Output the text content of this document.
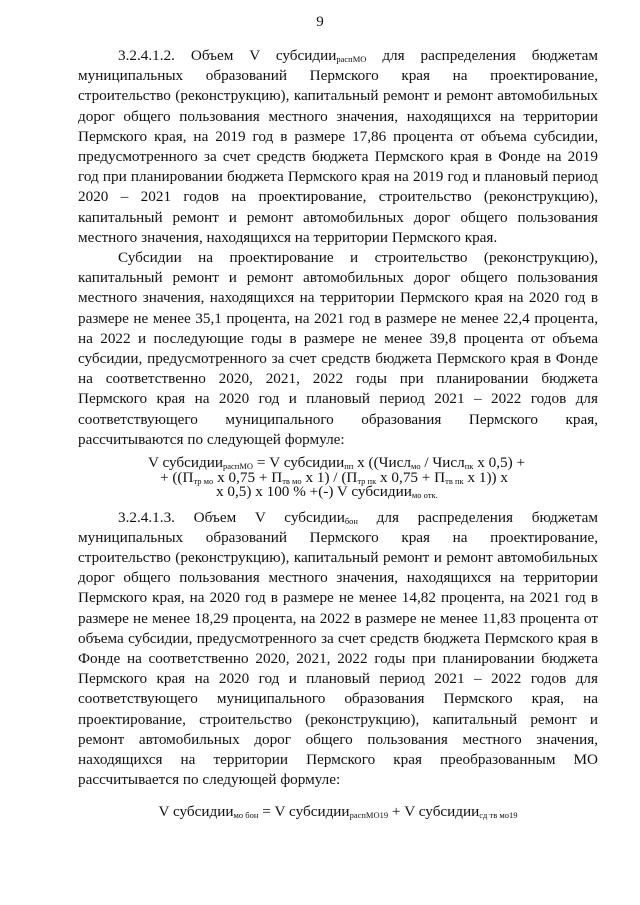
9

3.2.4.1.2. Объем V субсидии$_{распМО}$ для распределения бюджетам муниципальных образований Пермского края на проектирование, строительство (реконструкцию), капитальный ремонт и ремонт автомобильных дорог общего пользования местного значения, находящихся на территории Пермского края, на 2019 год в размере 17,86 процента от объема субсидии, предусмотренного за счет средств бюджета Пермского края в Фонде на 2019 год при планировании бюджета Пермского края на 2019 год и плановый период 2020 – 2021 годов на проектирование, строительство (реконструкцию), капитальный ремонт и ремонт автомобильных дорог общего пользования местного значения, находящихся на территории Пермского края.

Субсидии на проектирование и строительство (реконструкцию), капитальный ремонт и ремонт автомобильных дорог общего пользования местного значения, находящихся на территории Пермского края на 2020 год в размере не менее 35,1 процента, на 2021 год в размере не менее 22,4 процента, на 2022 и последующие годы в размере не менее 39,8 процента от объема субсидии, предусмотренного за счет средств бюджета Пермского края в Фонде на соответственно 2020, 2021, 2022 годы при планировании бюджета Пермского края на 2020 год и плановый период 2021 – 2022 годов для соответствующего муниципального образования Пермского края, рассчитываются по следующей формуле:

V субсидии$_{распМО}$ = V субсидии$_{пп}$ x ((Числ$_{мо}$ / Числ$_{пк}$ x 0,5) +
+ (($П_{тр мо}$ x $0,75 + П_{тв мо}$ x $1) / (П_{тр пк}$ x $0,75 + П_{тв пк}$ x 1)) x
x 0,5) x 100 % +(-) V субсидии$_{мо отк.}$

3.2.4.1.3. Объем V субсидии$_{бон}$ для распределения бюджетам муниципальных образований Пермского края на проектирование, строительство (реконструкцию), капитальный ремонт и ремонт автомобильных дорог общего пользования местного значения, находящихся на территории Пермского края, на 2020 год в размере не менее 14,82 процента, на 2021 год в размере не менее 18,29 процента, на 2022 в размере не менее 11,83 процента от объема субсидии, предусмотренного за счет средств бюджета Пермского края в Фонде на соответственно 2020, 2021, 2022 годы при планировании бюджета Пермского края на 2020 год и плановый период 2021 – 2022 годов для соответствующего муниципального образования Пермского края, на проектирование, строительство (реконструкцию), капитальный ремонт и ремонт автомобильных дорог общего пользования местного значения, находящихся на территории Пермского края преобразованным МО рассчитывается по следующей формуле:

V субсидии$_{мо бон}$ = V субсидии$_{распМО19}$ + V субсидии$_{сд тв мо19}$
